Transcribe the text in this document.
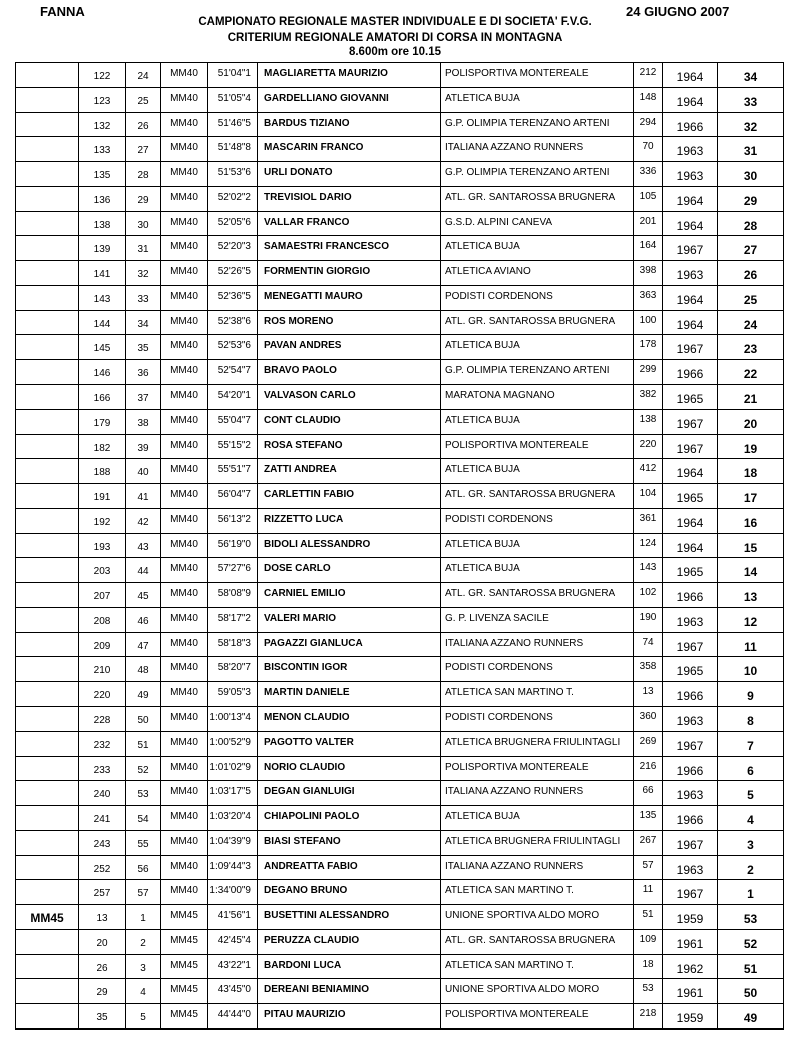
FANNA	24 GIUGNO 2007
CAMPIONATO REGIONALE MASTER INDIVIDUALE E DI SOCIETA' F.V.G.
CRITERIUM REGIONALE AMATORI DI CORSA IN MONTAGNA
8.600m ore 10.15
122	24	MM40	51'04"1	MAGLIARETTA MAURIZIO	POLISPORTIVA MONTEREALE	212	1964	34
123	25	MM40	51'05"4	GARDELLIANO GIOVANNI	ATLETICA BUJA	148	1964	33
132	26	MM40	51'46"5	BARDUS TIZIANO	G.P. OLIMPIA TERENZANO ARTENI	294	1966	32
133	27	MM40	51'48"8	MASCARIN FRANCO	ITALIANA AZZANO RUNNERS	70	1963	31
135	28	MM40	51'53"6	URLI DONATO	G.P. OLIMPIA TERENZANO ARTENI	336	1963	30
136	29	MM40	52'02"2	TREVISIOL DARIO	ATL. GR. SANTAROSSA BRUGNERA	105	1964	29
138	30	MM40	52'05"6	VALLAR FRANCO	G.S.D. ALPINI CANEVA	201	1964	28
139	31	MM40	52'20"3	SAMAESTRI FRANCESCO	ATLETICA BUJA	164	1967	27
141	32	MM40	52'26"5	FORMENTIN GIORGIO	ATLETICA AVIANO	398	1963	26
143	33	MM40	52'36"5	MENEGATTI MAURO	PODISTI CORDENONS	363	1964	25
144	34	MM40	52'38"6	ROS MORENO	ATL. GR. SANTAROSSA BRUGNERA	100	1964	24
145	35	MM40	52'53"6	PAVAN ANDRES	ATLETICA BUJA	178	1967	23
146	36	MM40	52'54"7	BRAVO PAOLO	G.P. OLIMPIA TERENZANO ARTENI	299	1966	22
166	37	MM40	54'20"1	VALVASON CARLO	MARATONA MAGNANO	382	1965	21
179	38	MM40	55'04"7	CONT CLAUDIO	ATLETICA BUJA	138	1967	20
182	39	MM40	55'15"2	ROSA STEFANO	POLISPORTIVA MONTEREALE	220	1967	19
188	40	MM40	55'51"7	ZATTI ANDREA	ATLETICA BUJA	412	1964	18
191	41	MM40	56'04"7	CARLETTIN FABIO	ATL. GR. SANTAROSSA BRUGNERA	104	1965	17
192	42	MM40	56'13"2	RIZZETTO LUCA	PODISTI CORDENONS	361	1964	16
193	43	MM40	56'19"0	BIDOLI ALESSANDRO	ATLETICA BUJA	124	1964	15
203	44	MM40	57'27"6	DOSE CARLO	ATLETICA BUJA	143	1965	14
207	45	MM40	58'08"9	CARNIEL EMILIO	ATL. GR. SANTAROSSA BRUGNERA	102	1966	13
208	46	MM40	58'17"2	VALERI MARIO	G. P. LIVENZA SACILE	190	1963	12
209	47	MM40	58'18"3	PAGAZZI GIANLUCA	ITALIANA AZZANO RUNNERS	74	1967	11
210	48	MM40	58'20"7	BISCONTIN IGOR	PODISTI CORDENONS	358	1965	10
220	49	MM40	59'05"3	MARTIN DANIELE	ATLETICA SAN MARTINO T.	13	1966	9
228	50	MM40	1:00'13"4	MENON CLAUDIO	PODISTI CORDENONS	360	1963	8
232	51	MM40	1:00'52"9	PAGOTTO VALTER	ATLETICA BRUGNERA FRIULINTAGLI	269	1967	7
233	52	MM40	1:01'02"9	NORIO CLAUDIO	POLISPORTIVA MONTEREALE	216	1966	6
240	53	MM40	1:03'17"5	DEGAN GIANLUIGI	ITALIANA AZZANO RUNNERS	66	1963	5
241	54	MM40	1:03'20"4	CHIAPOLINI PAOLO	ATLETICA BUJA	135	1966	4
243	55	MM40	1:04'39"9	BIASI STEFANO	ATLETICA BRUGNERA FRIULINTAGLI	267	1967	3
252	56	MM40	1:09'44"3	ANDREATTA FABIO	ITALIANA AZZANO RUNNERS	57	1963	2
257	57	MM40	1:34'00"9	DEGANO BRUNO	ATLETICA SAN MARTINO T.	11	1967	1
MM45	13	1	MM45	41'56"1	BUSETTINI ALESSANDRO	UNIONE SPORTIVA ALDO MORO	51	1959	53
20	2	MM45	42'45"4	PERUZZA CLAUDIO	ATL. GR. SANTAROSSA BRUGNERA	109	1961	52
26	3	MM45	43'22"1	BARDONI LUCA	ATLETICA SAN MARTINO T.	18	1962	51
29	4	MM45	43'45"0	DEREANI BENIAMINO	UNIONE SPORTIVA ALDO MORO	53	1961	50
35	5	MM45	44'44"0	PITAU MAURIZIO	POLISPORTIVA MONTEREALE	218	1959	49
